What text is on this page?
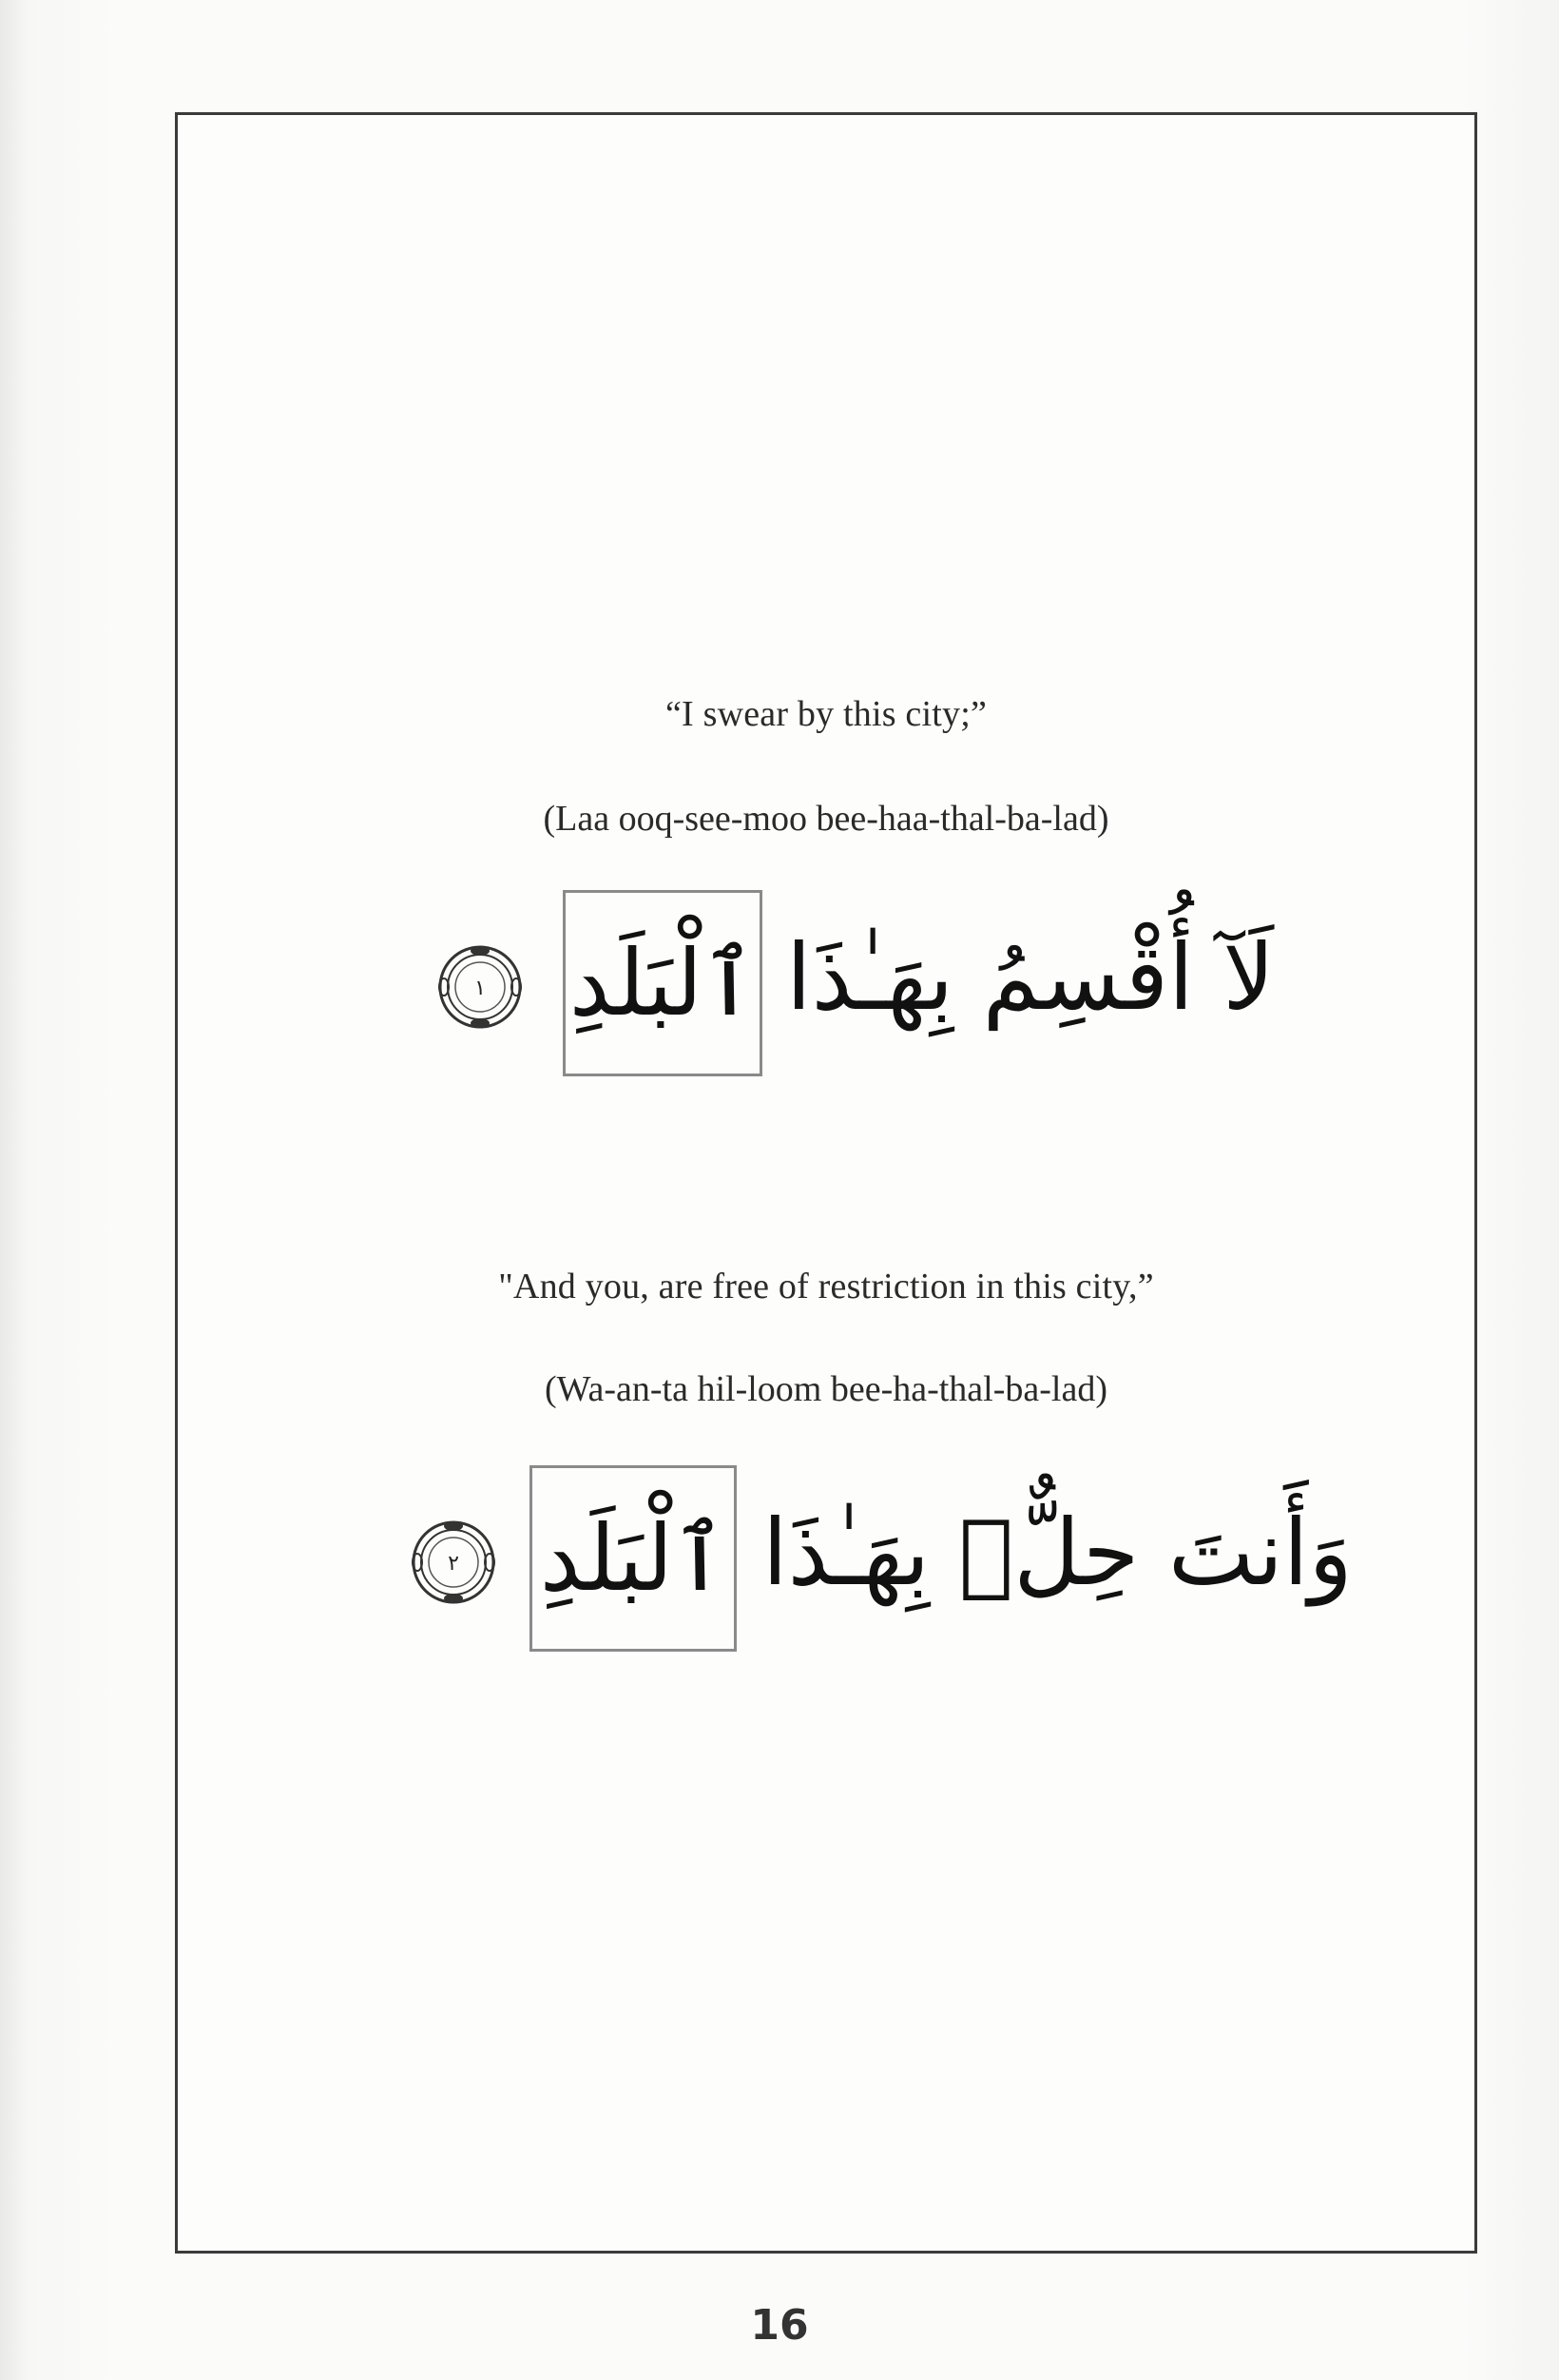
“I swear by this city;”
(Laa ooq-see-moo bee-haa-thal-ba-lad)
١ ٱلْبَلَدِ لَآ أُقْسِمُ بِهَـٰذَا
"And you, are free of restriction in this city,”
(Wa-an-ta hil-loom bee-ha-thal-ba-lad)
٢ ٱلْبَلَدِ وَأَنتَ حِلٌّۢ بِهَـٰذَا
16
